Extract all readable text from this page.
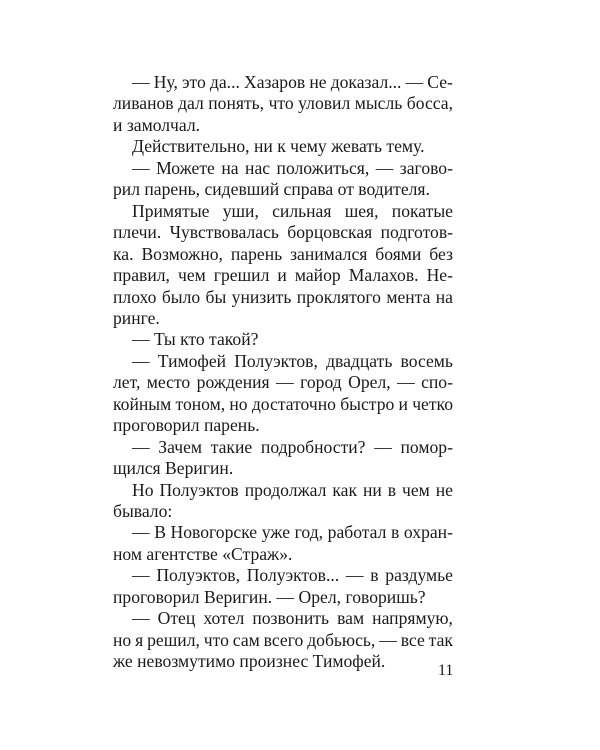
— Ну, это да... Хазаров не доказал... — Се-
ливанов дал понять, что уловил мысль босса,
и замолчал.
Действительно, ни к чему жевать тему.
— Можете на нас положиться, — загово-
рил парень, сидевший справа от водителя.
Примятые уши, сильная шея, покатые
плечи. Чувствовалась борцовская подготов-
ка. Возможно, парень занимался боями без
правил, чем грешил и майор Малахов. Не-
плохо было бы унизить проклятого мента на
ринге.
— Ты кто такой?
— Тимофей Полуэктов, двадцать восемь
лет, место рождения — город Орел, — спо-
койным тоном, но достаточно быстро и четко
проговорил парень.
— Зачем такие подробности? — помор-
щился Веригин.
Но Полуэктов продолжал как ни в чем не
бывало:
— В Новогорске уже год, работал в охран-
ном агентстве «Страж».
— Полуэктов, Полуэктов... — в раздумье
проговорил Веригин. — Орел, говоришь?
— Отец хотел позвонить вам напрямую,
но я решил, что сам всего добьюсь, — все так
же невозмутимо произнес Тимофей.	11
